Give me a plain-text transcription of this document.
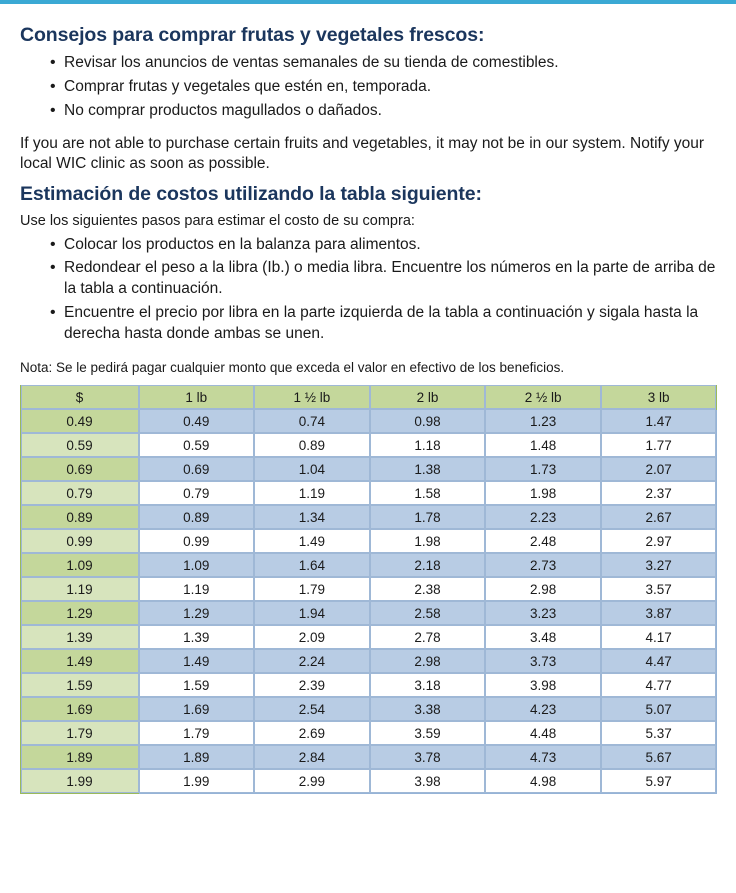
Consejos para comprar frutas y vegetales frescos:
• Revisar los anuncios de ventas semanales de su tienda de comestibles.
• Comprar frutas y vegetales que estén en, temporada.
• No comprar productos magullados o dañados.

If you are not able to purchase certain fruits and vegetables, it may not be in our system. Notify your local WIC clinic as soon as possible.

Estimación de costos utilizando la tabla siguiente:

Use los siguientes pasos para estimar el costo de su compra:

• Colocar los productos en la balanza para alimentos.
• Redondear el peso a la libra (Ib.) o media libra. Encuentre los números en la parte de arriba de la tabla a continuación.
• Encuentre el precio por libra en la parte izquierda de la tabla a continuación y sigala hasta la derecha hasta donde ambas se unen.

Nota: Se le pedirá pagar cualquier monto que exceda el valor en efectivo de los beneficios.

$	1 lb	1 ½ lb	2 lb	2 ½ lb	3 lb
0.49	0.49	0.74	0.98	1.23	1.47
0.59	0.59	0.89	1.18	1.48	1.77
0.69	0.69	1.04	1.38	1.73	2.07
0.79	0.79	1.19	1.58	1.98	2.37
0.89	0.89	1.34	1.78	2.23	2.67
0.99	0.99	1.49	1.98	2.48	2.97
1.09	1.09	1.64	2.18	2.73	3.27
1.19	1.19	1.79	2.38	2.98	3.57
1.29	1.29	1.94	2.58	3.23	3.87
1.39	1.39	2.09	2.78	3.48	4.17
1.49	1.49	2.24	2.98	3.73	4.47
1.59	1.59	2.39	3.18	3.98	4.77
1.69	1.69	2.54	3.38	4.23	5.07
1.79	1.79	2.69	3.59	4.48	5.37
1.89	1.89	2.84	3.78	4.73	5.67
1.99	1.99	2.99	3.98	4.98	5.97
